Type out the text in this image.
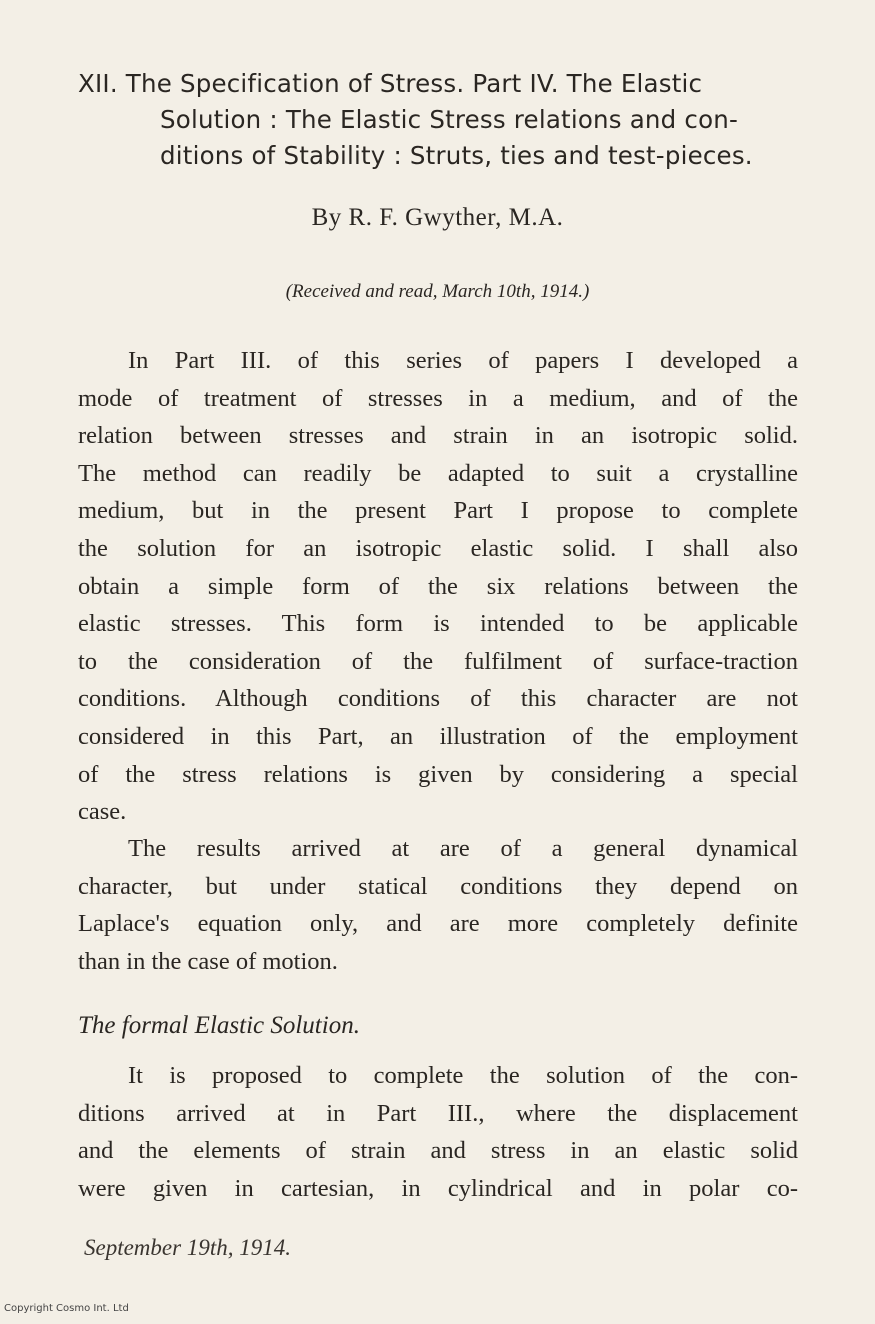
XII. The Specification of Stress. Part IV. The Elastic
Solution : The Elastic Stress relations and con-
ditions of Stability : Struts, ties and test-pieces.
By R. F. Gwyther, M.A.
(Received and read, March 10th, 1914.)
In Part III. of this series of papers I developed a
mode of treatment of stresses in a medium, and of the
relation between stresses and strain in an isotropic solid.
The method can readily be adapted to suit a crystalline
medium, but in the present Part I propose to complete
the solution for an isotropic elastic solid. I shall also
obtain a simple form of the six relations between the
elastic stresses. This form is intended to be applicable
to the consideration of the fulfilment of surface-traction
conditions. Although conditions of this character are not
considered in this Part, an illustration of the employment
of the stress relations is given by considering a special
case.
The results arrived at are of a general dynamical
character, but under statical conditions they depend on
Laplace's equation only, and are more completely definite
than in the case of motion.
The formal Elastic Solution.
It is proposed to complete the solution of the con-
ditions arrived at in Part III., where the displacement
and the elements of strain and stress in an elastic solid
were given in cartesian, in cylindrical and in polar co-
September 19th, 1914.
Copyright Cosmo Int. Ltd
